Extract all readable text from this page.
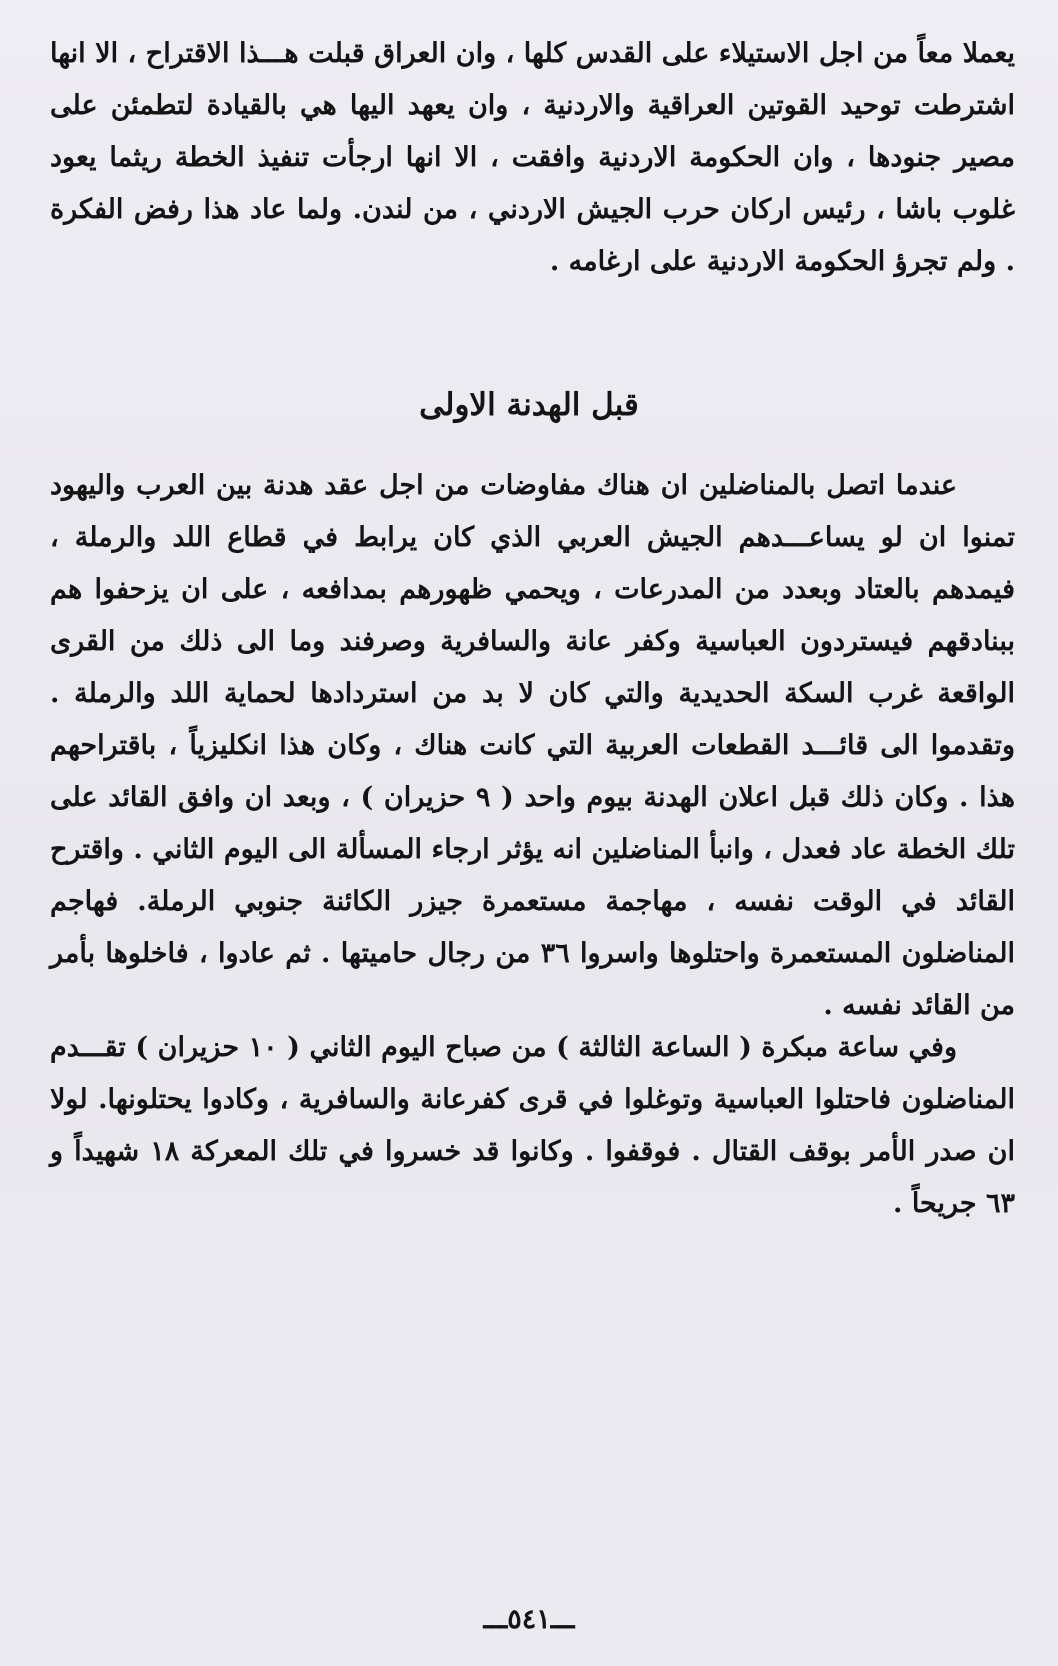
يعملا معاً من اجل الاستيلاء على القدس كلها ، وان العراق قبلت هـــذا الاقتراح ، الا انها اشترطت توحيد القوتين العراقية والاردنية ، وان يعهد اليها هي بالقيادة لتطمئن على مصير جنودها ، وان الحكومة الاردنية وافقت ، الا انها ارجأت تنفيذ الخطة ريثما يعود غلوب باشا ، رئيس اركان حرب الجيش الاردني ، من لندن. ولما عاد هذا رفض الفكرة . ولم تجرؤ الحكومة الاردنية على ارغامه .

قبل الهدنة الاولى

عندما اتصل بالمناضلين ان هناك مفاوضات من اجل عقد هدنة بين العرب واليهود تمنوا ان لو يساعـــدهم الجيش العربي الذي كان يرابط في قطاع اللد والرملة ، فيمدهم بالعتاد وبعدد من المدرعات ، ويحمي ظهورهم بمدافعه ، على ان يزحفوا هم ببنادقهم فيستردون العباسية وكفر عانة والسافرية وصرفند وما الى ذلك من القرى الواقعة غرب السكة الحديدية والتي كان لا بد من استردادها لحماية اللد والرملة . وتقدموا الى قائـــد القطعات العربية التي كانت هناك ، وكان هذا انكليزياً ، باقتراحهم هذا . وكان ذلك قبل اعلان الهدنة بيوم واحد ( ٩ حزيران ) ، وبعد ان وافق القائد على تلك الخطة عاد فعدل ، وانبأ المناضلين انه يؤثر ارجاء المسألة الى اليوم الثاني . واقترح القائد في الوقت نفسه ، مهاجمة مستعمرة جيزر الكائنة جنوبي الرملة. فهاجم المناضلون المستعمرة واحتلوها واسروا ٣٦ من رجال حاميتها . ثم عادوا ، فاخلوها بأمر من القائد نفسه .

وفي ساعة مبكرة ( الساعة الثالثة ) من صباح اليوم الثاني ( ١٠ حزيران ) تقـــدم المناضلون فاحتلوا العباسية وتوغلوا في قرى كفرعانة والسافرية ، وكادوا يحتلونها. لولا ان صدر الأمر بوقف القتال . فوقفوا . وكانوا قد خسروا في تلك المعركة ١٨ شهيداً و ٦٣ جريحاً .

ـــ٥٤١ـــ
